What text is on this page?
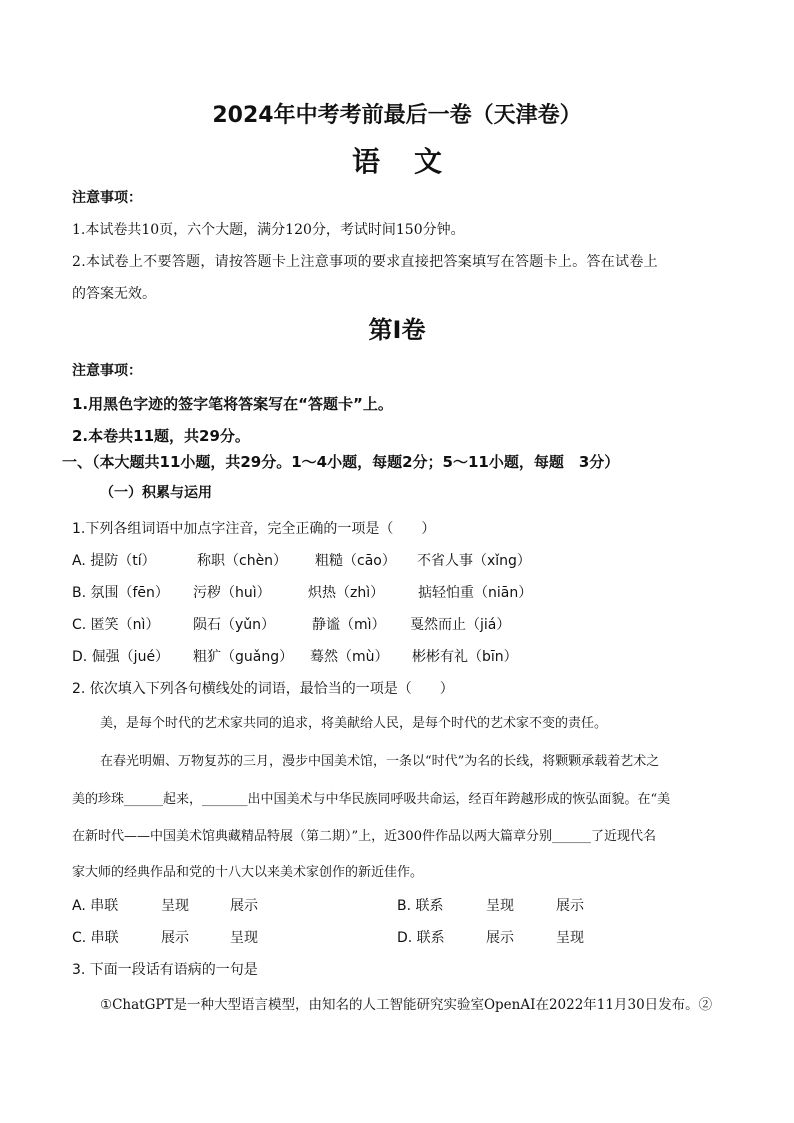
2024年中考考前最后一卷（天津卷）
语文
注意事项：
1.本试卷共10页，六个大题，满分120分，考试时间150分钟。
2.本试卷上不要答题，请按答题卡上注意事项的要求直接把答案填写在答题卡上。答在试卷上
的答案无效。
第I卷
注意事项：
1.用黑色字迹的签字笔将答案写在“答题卡”上。
2.本卷共11题，共29分。
一、（本大题共11小题，共29分。1～4小题，每题2分；5～11小题，每题　3分）
（一）积累与运用
1.下列各组词语中加点字注音，完全正确的一项是（　　）
A. 提防（tí）	称职（chèn） 粗糙（cāo） 不省人事（xǐng）
B. 氛围（fēn） 污秽（huì）	炽热（zhì） 掂轻怕重（niān）
C. 匿笑（nì） 陨石（yǔn）	静谧（mì） 戛然而止（jiá）
D. 倔强（jué） 粗犷（guǎng） 蓦然（mù） 彬彬有礼（bīn）
2. 依次填入下列各句横线处的词语，最恰当的一项是（　　）
美，是每个时代的艺术家共同的追求，将美献给人民，是每个时代的艺术家不变的责任。
在春光明媚、万物复苏的三月，漫步中国美术馆，一条以“时代”为名的长线，将颗颗承载着艺术之
美的珍珠______起来，_______出中国美术与中华民族同呼吸共命运，经百年跨越形成的恢弘面貌。在“美
在新时代——中国美术馆典藏精品特展（第二期）”上，近300件作品以两大篇章分别______了近现代名
家大师的经典作品和党的十八大以来美术家创作的新近佳作。
A. 串联	呈现	展示	B. 联系	呈现	展示
C. 串联	展示	呈现	D. 联系	展示	呈现
3. 下面一段话有语病的一句是
①ChatGPT是一种大型语言模型，由知名的人工智能研究实验室OpenAI在2022年11月30日发布。②
